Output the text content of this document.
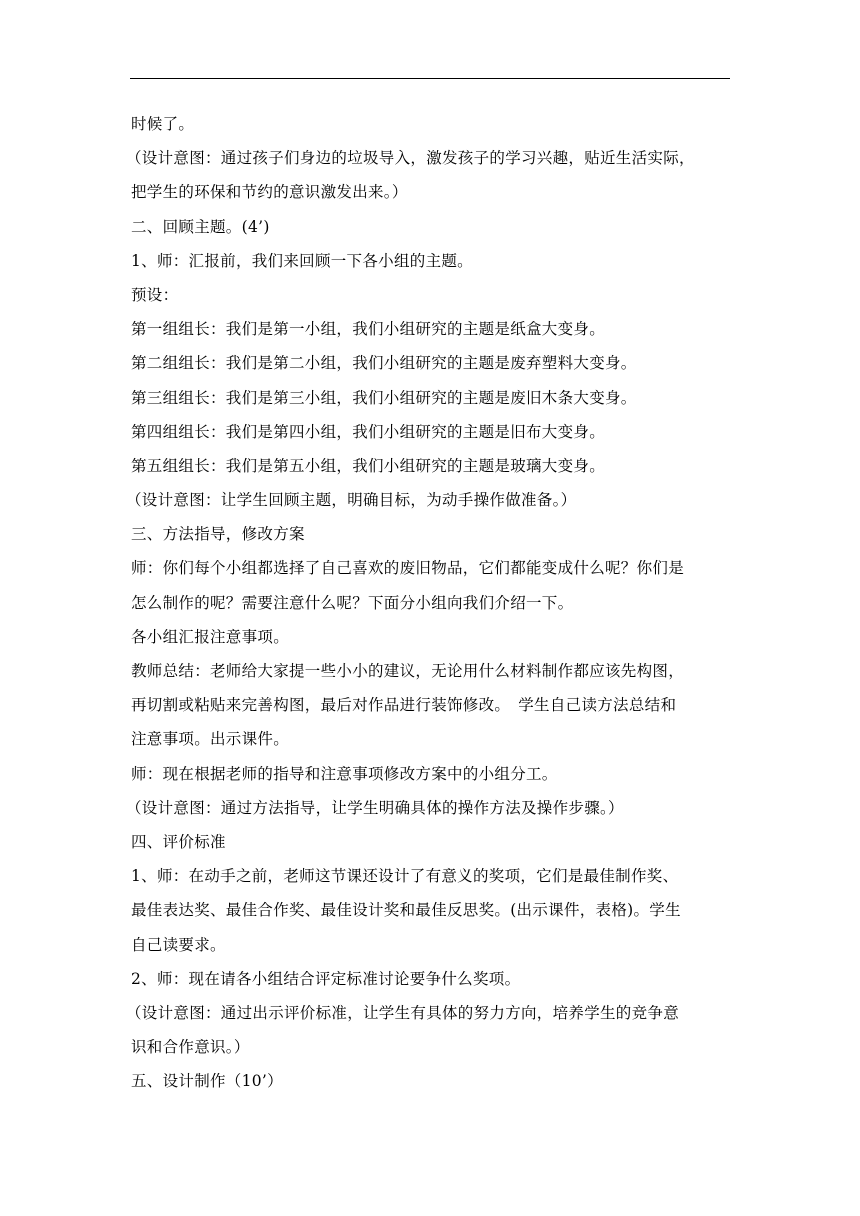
时候了。
（设计意图：通过孩子们身边的垃圾导入，激发孩子的学习兴趣，贴近生活实际，
把学生的环保和节约的意识激发出来。）
二、回顾主题。(4’)
1、师：汇报前，我们来回顾一下各小组的主题。
预设：
第一组组长：我们是第一小组，我们小组研究的主题是纸盒大变身。
第二组组长：我们是第二小组，我们小组研究的主题是废弃塑料大变身。
第三组组长：我们是第三小组，我们小组研究的主题是废旧木条大变身。
第四组组长：我们是第四小组，我们小组研究的主题是旧布大变身。
第五组组长：我们是第五小组，我们小组研究的主题是玻璃大变身。
（设计意图：让学生回顾主题，明确目标，为动手操作做准备。）
三、方法指导，修改方案
师：你们每个小组都选择了自己喜欢的废旧物品，它们都能变成什么呢？你们是
怎么制作的呢？需要注意什么呢？下面分小组向我们介绍一下。
各小组汇报注意事项。
教师总结：老师给大家提一些小小的建议，无论用什么材料制作都应该先构图，
再切割或粘贴来完善构图，最后对作品进行装饰修改。　学生自己读方法总结和
注意事项。出示课件。
师：现在根据老师的指导和注意事项修改方案中的小组分工。
（设计意图：通过方法指导，让学生明确具体的操作方法及操作步骤。）
四、评价标准
1、师：在动手之前，老师这节课还设计了有意义的奖项，它们是最佳制作奖、
最佳表达奖、最佳合作奖、最佳设计奖和最佳反思奖。(出示课件，表格)。学生
自己读要求。
2、师：现在请各小组结合评定标准讨论要争什么奖项。
（设计意图：通过出示评价标准，让学生有具体的努力方向，培养学生的竞争意
识和合作意识。）
五、设计制作（10’）
